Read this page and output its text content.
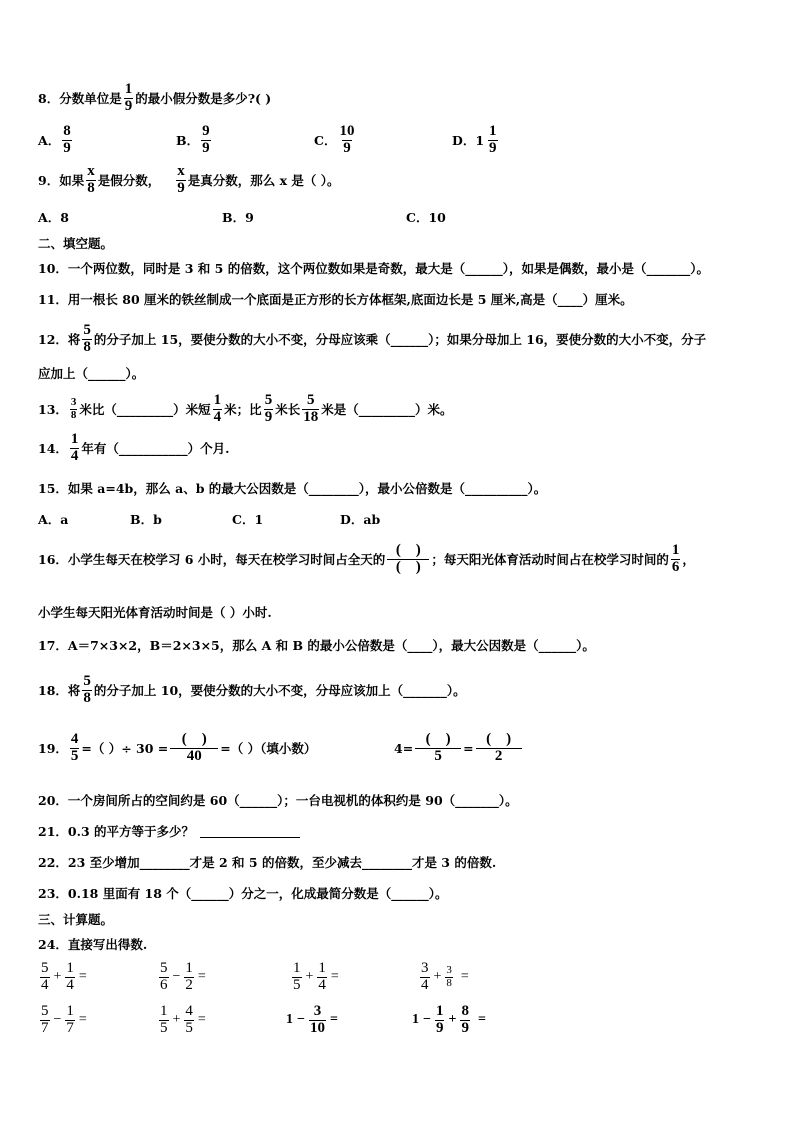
8．分数单位是 $\frac{1}{9}$ 的最小假分数是多少?( )
A． $\frac{8}{9}$	B． $\frac{9}{9}$	C． $\frac{10}{9}$	D． $1 \frac{1}{9}$
9．如果 $\frac{x}{8}$ 是假分数， $\frac{x}{9}$ 是真分数，那么 x 是（ ）。
A．8	B．9	C．10
二、填空题。
10．一个两位数，同时是 3 和 5 的倍数，这个两位数如果是奇数，最大是（______），如果是偶数，最小是（_______）。
11．用一根长 80 厘米的铁丝制成一个底面是正方形的长方体框架,底面边长是 5 厘米,高是（____）厘米。
12．将 $\frac{5}{8}$ 的分子加上 15，要使分数的大小不变，分母应该乘（______）；如果分母加上 16，要使分数的大小不变，分子
应加上（______）。
13． $\frac{3}{8}$ 米比（_________）米短 $\frac{1}{4}$ 米；比 $\frac{5}{9}$ 米长 $\frac{5}{18}$ 米是（_________）米。
14． $\frac{1}{4}$ 年有（___________）个月.
15．如果 a=4b，那么 a、b 的最大公因数是（________），最小公倍数是（__________）。
A．a	B．b	C．1	D．ab
16．小学生每天在校学习 6 小时，每天在校学习时间占全天的 $\frac{( )}{( )}$ ；每天阳光体育活动时间占在校学习时间的 $\frac{1}{6}$ ，
小学生每天阳光体育活动时间是（ ）小时.
17．A＝7×3×2，B＝2×3×5，那么 A 和 B 的最小公倍数是（____），最大公因数是（______）。
18．将 $\frac{5}{8}$ 的分子加上 10，要使分数的大小不变，分母应该加上（_______）。
19． $\frac{4}{5}$ =（ ）÷ $30 = \frac{( )}{40}$ =（ ）（填小数）	$4= \frac{( )}{5} = \frac{( )}{2}$
20．一个房间所占的空间约是 60（______）；一台电视机的体积约是 90（_______）。
21．0.3 的平方等于多少？
22．23 至少增加________才是 2 和 5 的倍数，至少减去________才是 3 的倍数.
23．0.18 里面有 18 个（______）分之一，化成最简分数是（______）。
三、计算题。
24．直接写出得数.
$\frac{5}{4} + \frac{1}{4}$ =	$\frac{5}{6} - \frac{1}{2}$ =	$\frac{1}{5} + \frac{1}{4}$ =	$\frac{3}{4} + \frac{3}{8}$ =
$\frac{5}{7} - \frac{1}{7}$ =	$\frac{1}{5} + \frac{4}{5}$ =	$1 - \frac{3}{10}$ =	$1 - \frac{1}{9} + \frac{8}{9}$ =
